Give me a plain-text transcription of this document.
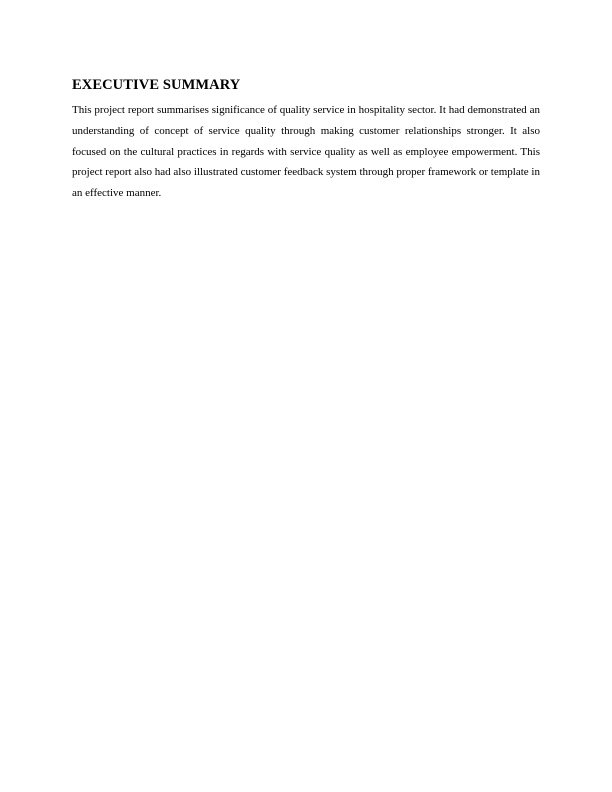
EXECUTIVE SUMMARY

This project report summarises significance of quality service in hospitality sector. It had demonstrated an understanding of concept of service quality through making customer relationships stronger. It also focused on the cultural practices in regards with service quality as well as employee empowerment. This project report also had also illustrated customer feedback system through proper framework or template in an effective manner.
